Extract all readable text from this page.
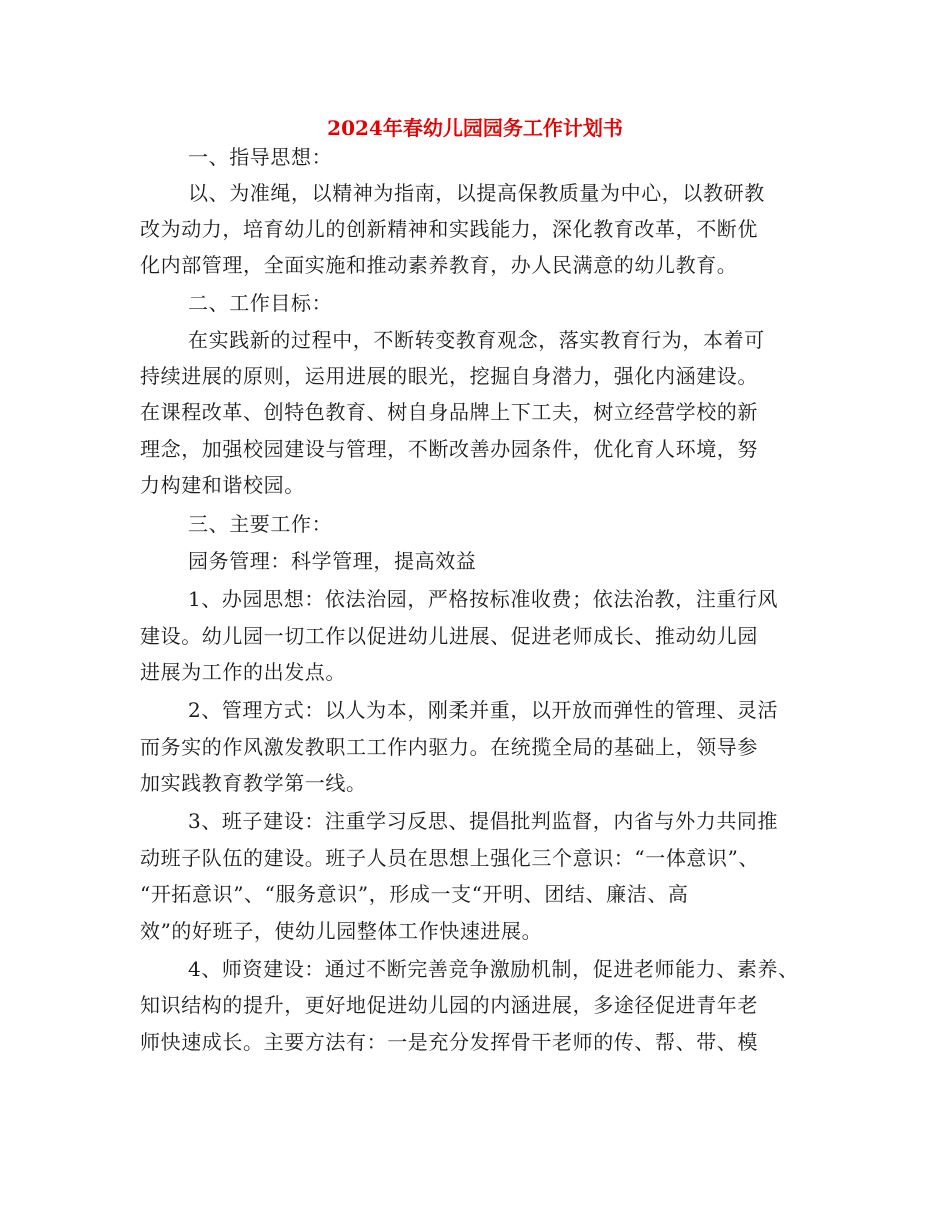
2024年春幼儿园园务工作计划书
一、指导思想：
以、为准绳，以精神为指南，以提高保教质量为中心，以教研教
改为动力，培育幼儿的创新精神和实践能力，深化教育改革，不断优
化内部管理，全面实施和推动素养教育，办人民满意的幼儿教育。
二、工作目标：
在实践新的过程中，不断转变教育观念，落实教育行为，本着可
持续进展的原则，运用进展的眼光，挖掘自身潜力，强化内涵建设。
在课程改革、创特色教育、树自身品牌上下工夫，树立经营学校的新
理念，加强校园建设与管理，不断改善办园条件，优化育人环境，努
力构建和谐校园。
三、主要工作：
园务管理：科学管理，提高效益
1、办园思想：依法治园，严格按标准收费；依法治教，注重行风
建设。幼儿园一切工作以促进幼儿进展、促进老师成长、推动幼儿园
进展为工作的出发点。
2、管理方式：以人为本，刚柔并重，以开放而弹性的管理、灵活
而务实的作风激发教职工工作内驱力。在统揽全局的基础上，领导参
加实践教育教学第一线。
3、班子建设：注重学习反思、提倡批判监督，内省与外力共同推
动班子队伍的建设。班子人员在思想上强化三个意识：“一体意识”、
“开拓意识”、“服务意识”，形成一支“开明、团结、廉洁、高
效”的好班子，使幼儿园整体工作快速进展。
4、师资建设：通过不断完善竞争激励机制，促进老师能力、素养、
知识结构的提升，更好地促进幼儿园的内涵进展，多途径促进青年老
师快速成长。主要方法有：一是充分发挥骨干老师的传、帮、带、模
